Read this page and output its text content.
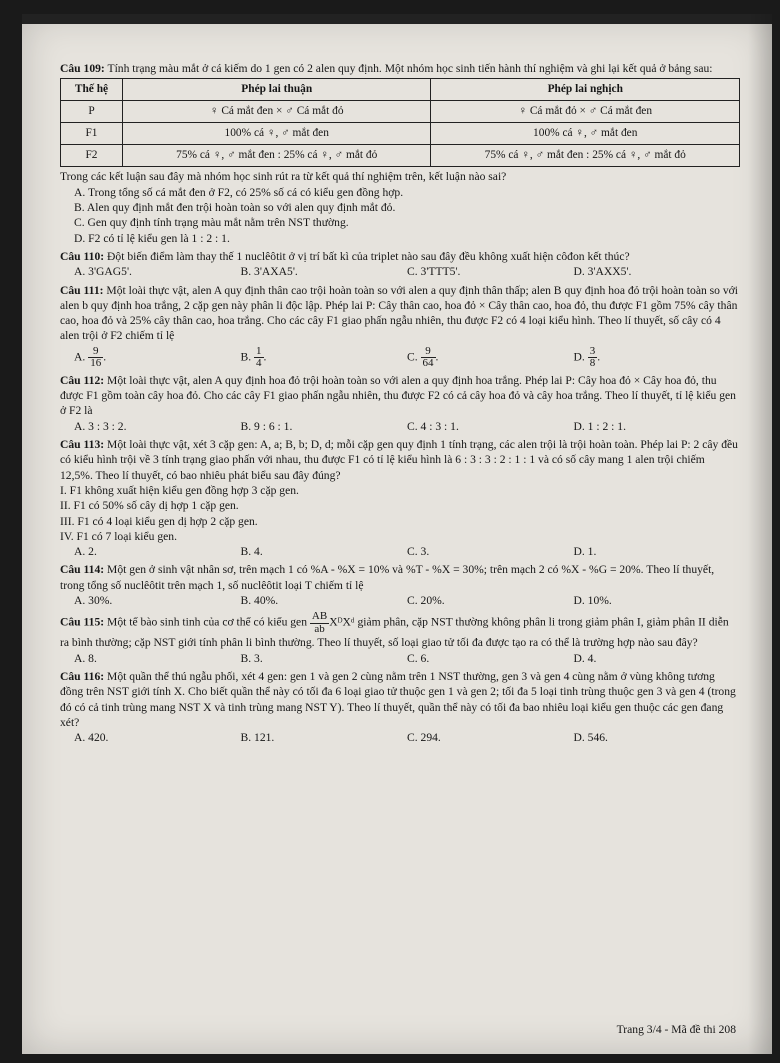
Câu 109: Tính trạng màu mắt ở cá kiếm do 1 gen có 2 alen quy định. Một nhóm học sinh tiến hành thí nghiệm và ghi lại kết quả ở bảng sau:
Thế hệ	Phép lai thuận	Phép lai nghịch
P	♀ Cá mắt đen × ♂ Cá mắt đỏ	♀ Cá mắt đỏ × ♂ Cá mắt đen
F1	100% cá ♀, ♂ mắt đen	100% cá ♀, ♂ mắt đen
F2	75% cá ♀, ♂ mắt đen : 25% cá ♀, ♂ mắt đỏ	75% cá ♀, ♂ mắt đen : 25% cá ♀, ♂ mắt đỏ
Trong các kết luận sau đây mà nhóm học sinh rút ra từ kết quả thí nghiệm trên, kết luận nào sai?
A. Trong tổng số cá mắt đen ở F2, có 25% số cá có kiểu gen đồng hợp.
B. Alen quy định mắt đen trội hoàn toàn so với alen quy định mắt đỏ.
C. Gen quy định tính trạng màu mắt nằm trên NST thường.
D. F2 có tỉ lệ kiểu gen là 1 : 2 : 1.
Câu 110: Đột biến điểm làm thay thế 1 nuclêôtit ở vị trí bất kì của triplet nào sau đây đều không xuất hiện côđon kết thúc?
A. 3'GAG5'.	B. 3'AXA5'.	C. 3'TTT5'.	D. 3'AXX5'.
Câu 111: Một loài thực vật, alen A quy định thân cao trội hoàn toàn so với alen a quy định thân thấp; alen B quy định hoa đỏ trội hoàn toàn so với alen b quy định hoa trắng, 2 cặp gen này phân li độc lập. Phép lai P: Cây thân cao, hoa đỏ × Cây thân cao, hoa đỏ, thu được F1 gồm 75% cây thân cao, hoa đỏ và 25% cây thân cao, hoa trắng. Cho các cây F1 giao phấn ngẫu nhiên, thu được F2 có 4 loại kiểu hình. Theo lí thuyết, số cây có 4 alen trội ở F2 chiếm tỉ lệ
A. $\frac{9}{16}$ .	B. $\frac{1}{4}$ .	C. $\frac{9}{64}$ .	D. $\frac{3}{8}$ .
Câu 112: Một loài thực vật, alen A quy định hoa đỏ trội hoàn toàn so với alen a quy định hoa trắng. Phép lai P: Cây hoa đỏ × Cây hoa đỏ, thu được F1 gồm toàn cây hoa đỏ. Cho các cây F1 giao phấn ngẫu nhiên, thu được F2 có cả cây hoa đỏ và cây hoa trắng. Theo lí thuyết, tỉ lệ kiểu gen ở F2 là
A. 3 : 3 : 2.	B. 9 : 6 : 1.	C. 4 : 3 : 1.	D. 1 : 2 : 1.
Câu 113: Một loài thực vật, xét 3 cặp gen: A, a; B, b; D, d; mỗi cặp gen quy định 1 tính trạng, các alen trội là trội hoàn toàn. Phép lai P: 2 cây đều có kiểu hình trội về 3 tính trạng giao phấn với nhau, thu được F1 có tỉ lệ kiểu hình là 6 : 3 : 3 : 2 : 1 : 1 và có số cây mang 1 alen trội chiếm 12,5%. Theo lí thuyết, có bao nhiêu phát biểu sau đây đúng?
I. F1 không xuất hiện kiểu gen đồng hợp 3 cặp gen.
II. F1 có 50% số cây dị hợp 1 cặp gen.
III. F1 có 4 loại kiểu gen dị hợp 2 cặp gen.
IV. F1 có 7 loại kiểu gen.
A. 2.	B. 4.	C. 3.	D. 1.
Câu 114: Một gen ở sinh vật nhân sơ, trên mạch 1 có %A - %X = 10% và %T - %X = 30%; trên mạch 2 có %X - %G = 20%. Theo lí thuyết, trong tổng số nuclêôtit trên mạch 1, số nuclêôtit loại T chiếm tỉ lệ
A. 30%.	B. 40%.	C. 20%.	D. 10%.
Câu 115: Một tế bào sinh tinh của cơ thể có kiểu gen $\frac{AB}{ab}$ XᴰXᵈ giảm phân, cặp NST thường không phân li trong giảm phân I, giảm phân II diễn ra bình thường; cặp NST giới tính phân li bình thường. Theo lí thuyết, số loại giao tử tối đa được tạo ra có thể là trường hợp nào sau đây?
A. 8.	B. 3.	C. 6.	D. 4.
Câu 116: Một quần thể thú ngẫu phối, xét 4 gen: gen 1 và gen 2 cùng nằm trên 1 NST thường, gen 3 và gen 4 cùng nằm ở vùng không tương đồng trên NST giới tính X. Cho biết quần thể này có tối đa 6 loại giao tử thuộc gen 1 và gen 2; tối đa 5 loại tinh trùng thuộc gen 3 và gen 4 (trong đó có cả tinh trùng mang NST X và tinh trùng mang NST Y). Theo lí thuyết, quần thể này có tối đa bao nhiêu loại kiểu gen thuộc các gen đang xét?
A. 420.	B. 121.	C. 294.	D. 546.
Trang 3/4 - Mã đề thi 208
